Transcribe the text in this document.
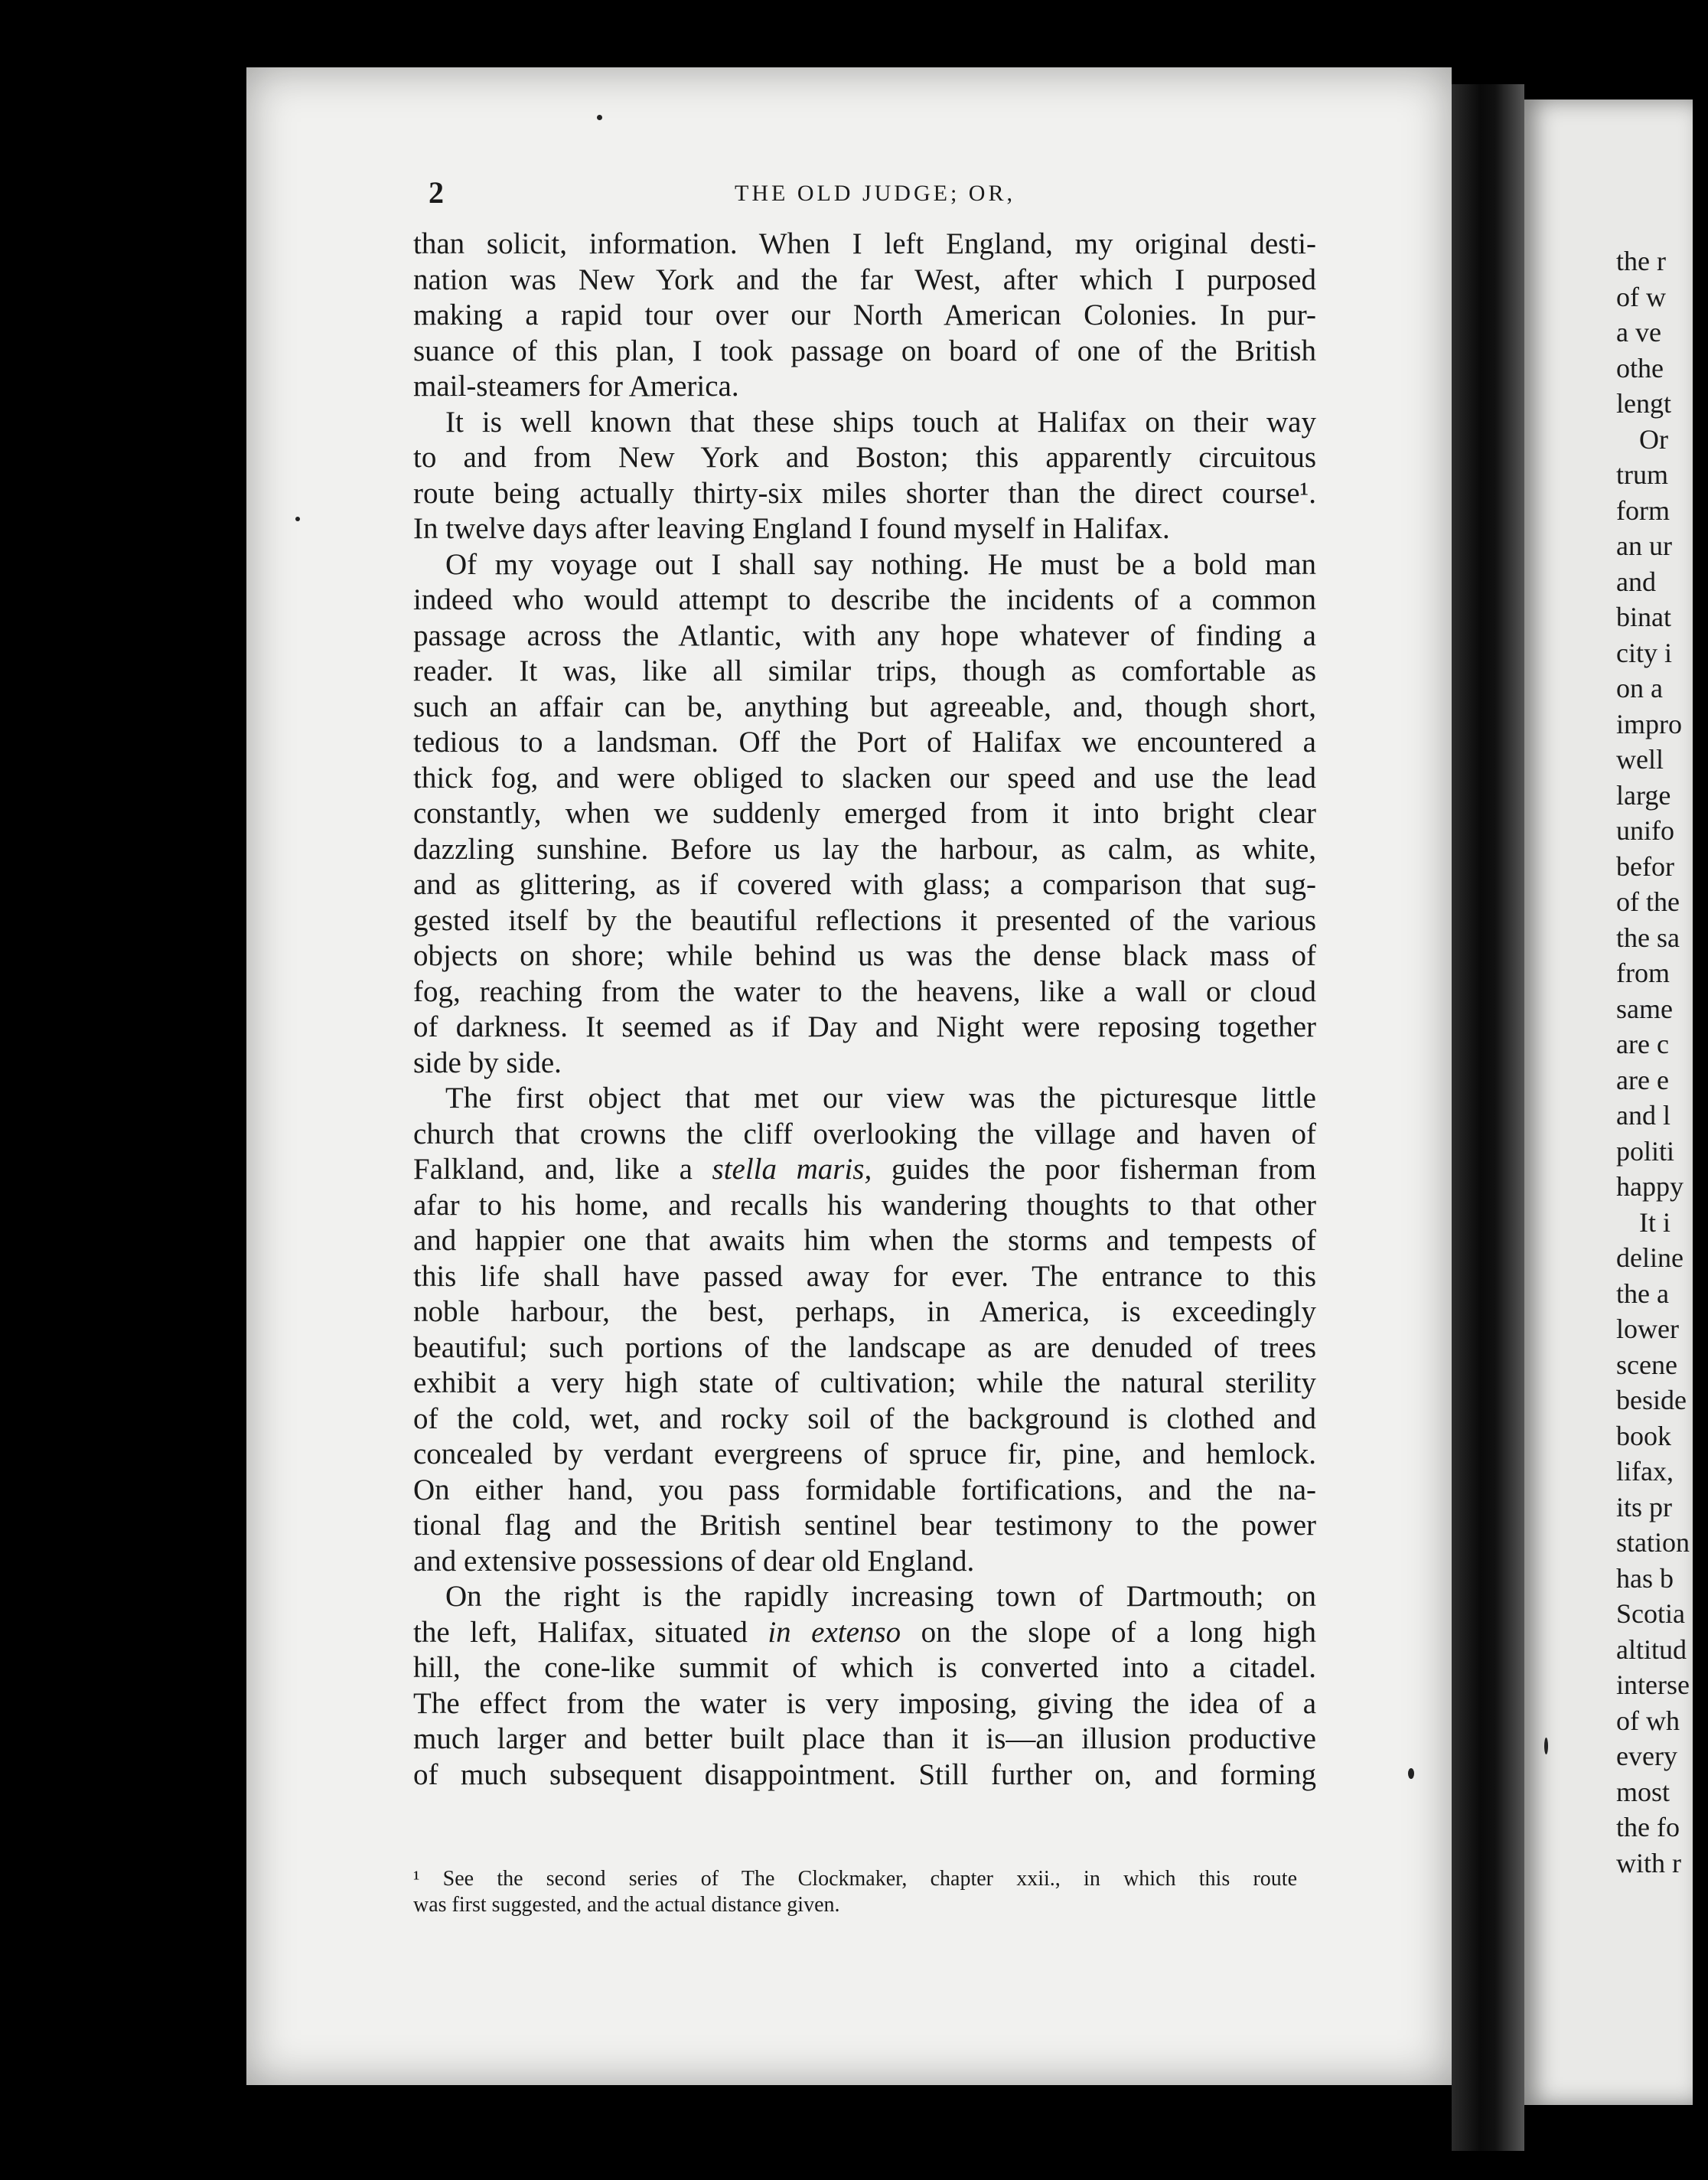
2	THE OLD JUDGE; OR,
than solicit, information. When I left England, my original desti-
nation was New York and the far West, after which I purposed
making a rapid tour over our North American Colonies. In pur-
suance of this plan, I took passage on board of one of the British
mail-steamers for America.
It is well known that these ships touch at Halifax on their way
to and from New York and Boston; this apparently circuitous
route being actually thirty-six miles shorter than the direct course¹.
In twelve days after leaving England I found myself in Halifax.
Of my voyage out I shall say nothing. He must be a bold man
indeed who would attempt to describe the incidents of a common
passage across the Atlantic, with any hope whatever of finding a
reader. It was, like all similar trips, though as comfortable as
such an affair can be, anything but agreeable, and, though short,
tedious to a landsman. Off the Port of Halifax we encountered a
thick fog, and were obliged to slacken our speed and use the lead
constantly, when we suddenly emerged from it into bright clear
dazzling sunshine. Before us lay the harbour, as calm, as white,
and as glittering, as if covered with glass; a comparison that sug-
gested itself by the beautiful reflections it presented of the various
objects on shore; while behind us was the dense black mass of
fog, reaching from the water to the heavens, like a wall or cloud
of darkness. It seemed as if Day and Night were reposing together
side by side.
The first object that met our view was the picturesque little
church that crowns the cliff overlooking the village and haven of
Falkland, and, like a stella maris, guides the poor fisherman from
afar to his home, and recalls his wandering thoughts to that other
and happier one that awaits him when the storms and tempests of
this life shall have passed away for ever. The entrance to this
noble harbour, the best, perhaps, in America, is exceedingly
beautiful; such portions of the landscape as are denuded of trees
exhibit a very high state of cultivation; while the natural sterility
of the cold, wet, and rocky soil of the background is clothed and
concealed by verdant evergreens of spruce fir, pine, and hemlock.
On either hand, you pass formidable fortifications, and the na-
tional flag and the British sentinel bear testimony to the power
and extensive possessions of dear old England.
On the right is the rapidly increasing town of Dartmouth; on
the left, Halifax, situated in extenso on the slope of a long high
hill, the cone-like summit of which is converted into a citadel.
The effect from the water is very imposing, giving the idea of a
much larger and better built place than it is—an illusion productive
of much subsequent disappointment. Still further on, and forming
¹ See the second series of The Clockmaker, chapter xxii., in which this route
was first suggested, and the actual distance given.
the r
of w
a ve
othe
lengt
Or
trum
form
an ur
and
binat
city i
on a
impro
well
large
unifo
befor
of the
the sa
from
same
are c
are e
and l
politi
happy
It i
deline
the a
lower
scene
beside
book
lifax,
its pr
station
has b
Scotia
altitud
interse
of wh
every
most
the fo
with r
